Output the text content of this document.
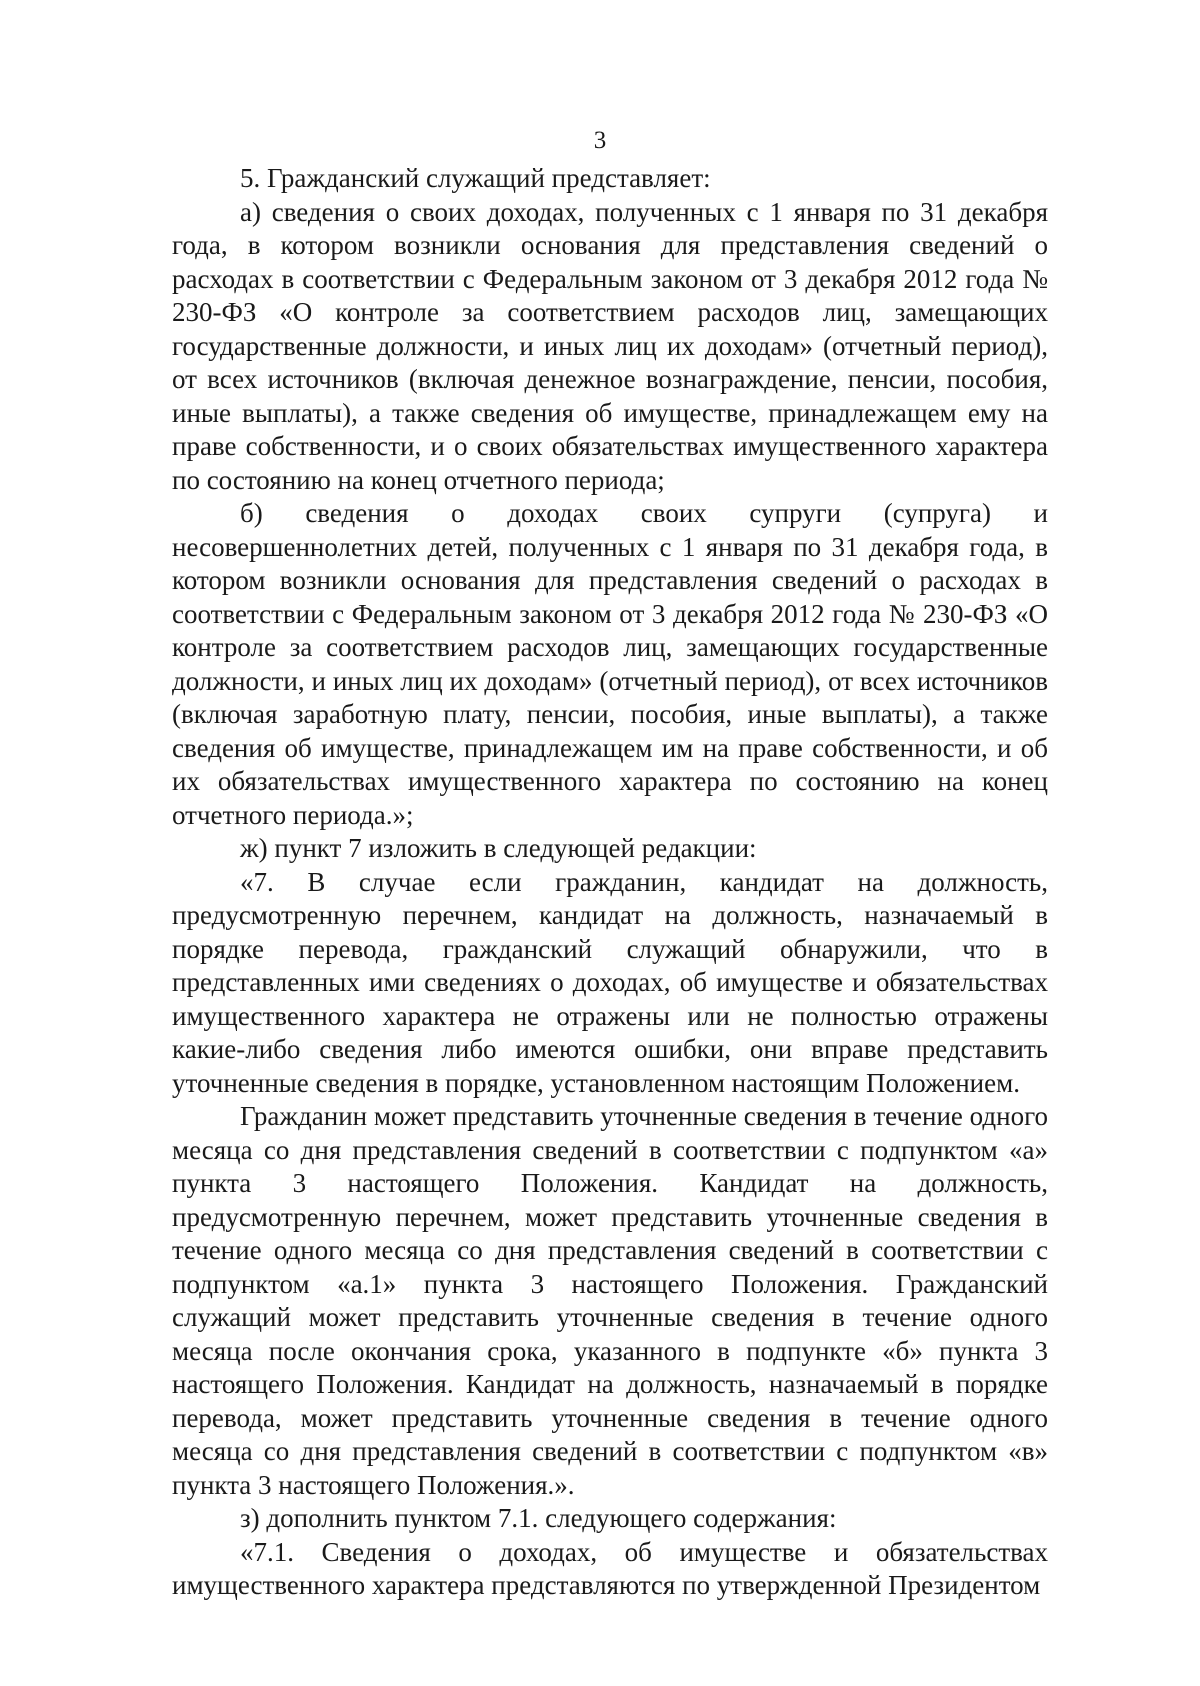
3

5. Гражданский служащий представляет:

а) сведения о своих доходах, полученных с 1 января по 31 декабря года, в котором возникли основания для представления сведений о расходах в соответствии с Федеральным законом от 3 декабря 2012 года № 230-ФЗ «О контроле за соответствием расходов лиц, замещающих государственные должности, и иных лиц их доходам» (отчетный период), от всех источников (включая денежное вознаграждение, пенсии, пособия, иные выплаты), а также сведения об имуществе, принадлежащем ему на праве собственности, и о своих обязательствах имущественного характера по состоянию на конец отчетного периода;

б) сведения о доходах своих супруги (супруга) и несовершеннолетних детей, полученных с 1 января по 31 декабря года, в котором возникли основания для представления сведений о расходах в соответствии с Федеральным законом от 3 декабря 2012 года № 230-ФЗ «О контроле за соответствием расходов лиц, замещающих государственные должности, и иных лиц их доходам» (отчетный период), от всех источников (включая заработную плату, пенсии, пособия, иные выплаты), а также сведения об имуществе, принадлежащем им на праве собственности, и об их обязательствах имущественного характера по состоянию на конец отчетного периода.»;

ж) пункт 7 изложить в следующей редакции:

«7. В случае если гражданин, кандидат на должность, предусмотренную перечнем, кандидат на должность, назначаемый в порядке перевода, гражданский служащий обнаружили, что в представленных ими сведениях о доходах, об имуществе и обязательствах имущественного характера не отражены или не полностью отражены какие-либо сведения либо имеются ошибки, они вправе представить уточненные сведения в порядке, установленном настоящим Положением.

Гражданин может представить уточненные сведения в течение одного месяца со дня представления сведений в соответствии с подпунктом «а» пункта 3 настоящего Положения. Кандидат на должность, предусмотренную перечнем, может представить уточненные сведения в течение одного месяца со дня представления сведений в соответствии с подпунктом «а.1» пункта 3 настоящего Положения. Гражданский служащий может представить уточненные сведения в течение одного месяца после окончания срока, указанного в подпункте «б» пункта 3 настоящего Положения. Кандидат на должность, назначаемый в порядке перевода, может представить уточненные сведения в течение одного месяца со дня представления сведений в соответствии с подпунктом «в» пункта 3 настоящего Положения.».

з) дополнить пунктом 7.1. следующего содержания:

«7.1. Сведения о доходах, об имуществе и обязательствах имущественного характера представляются по утвержденной Президентом
